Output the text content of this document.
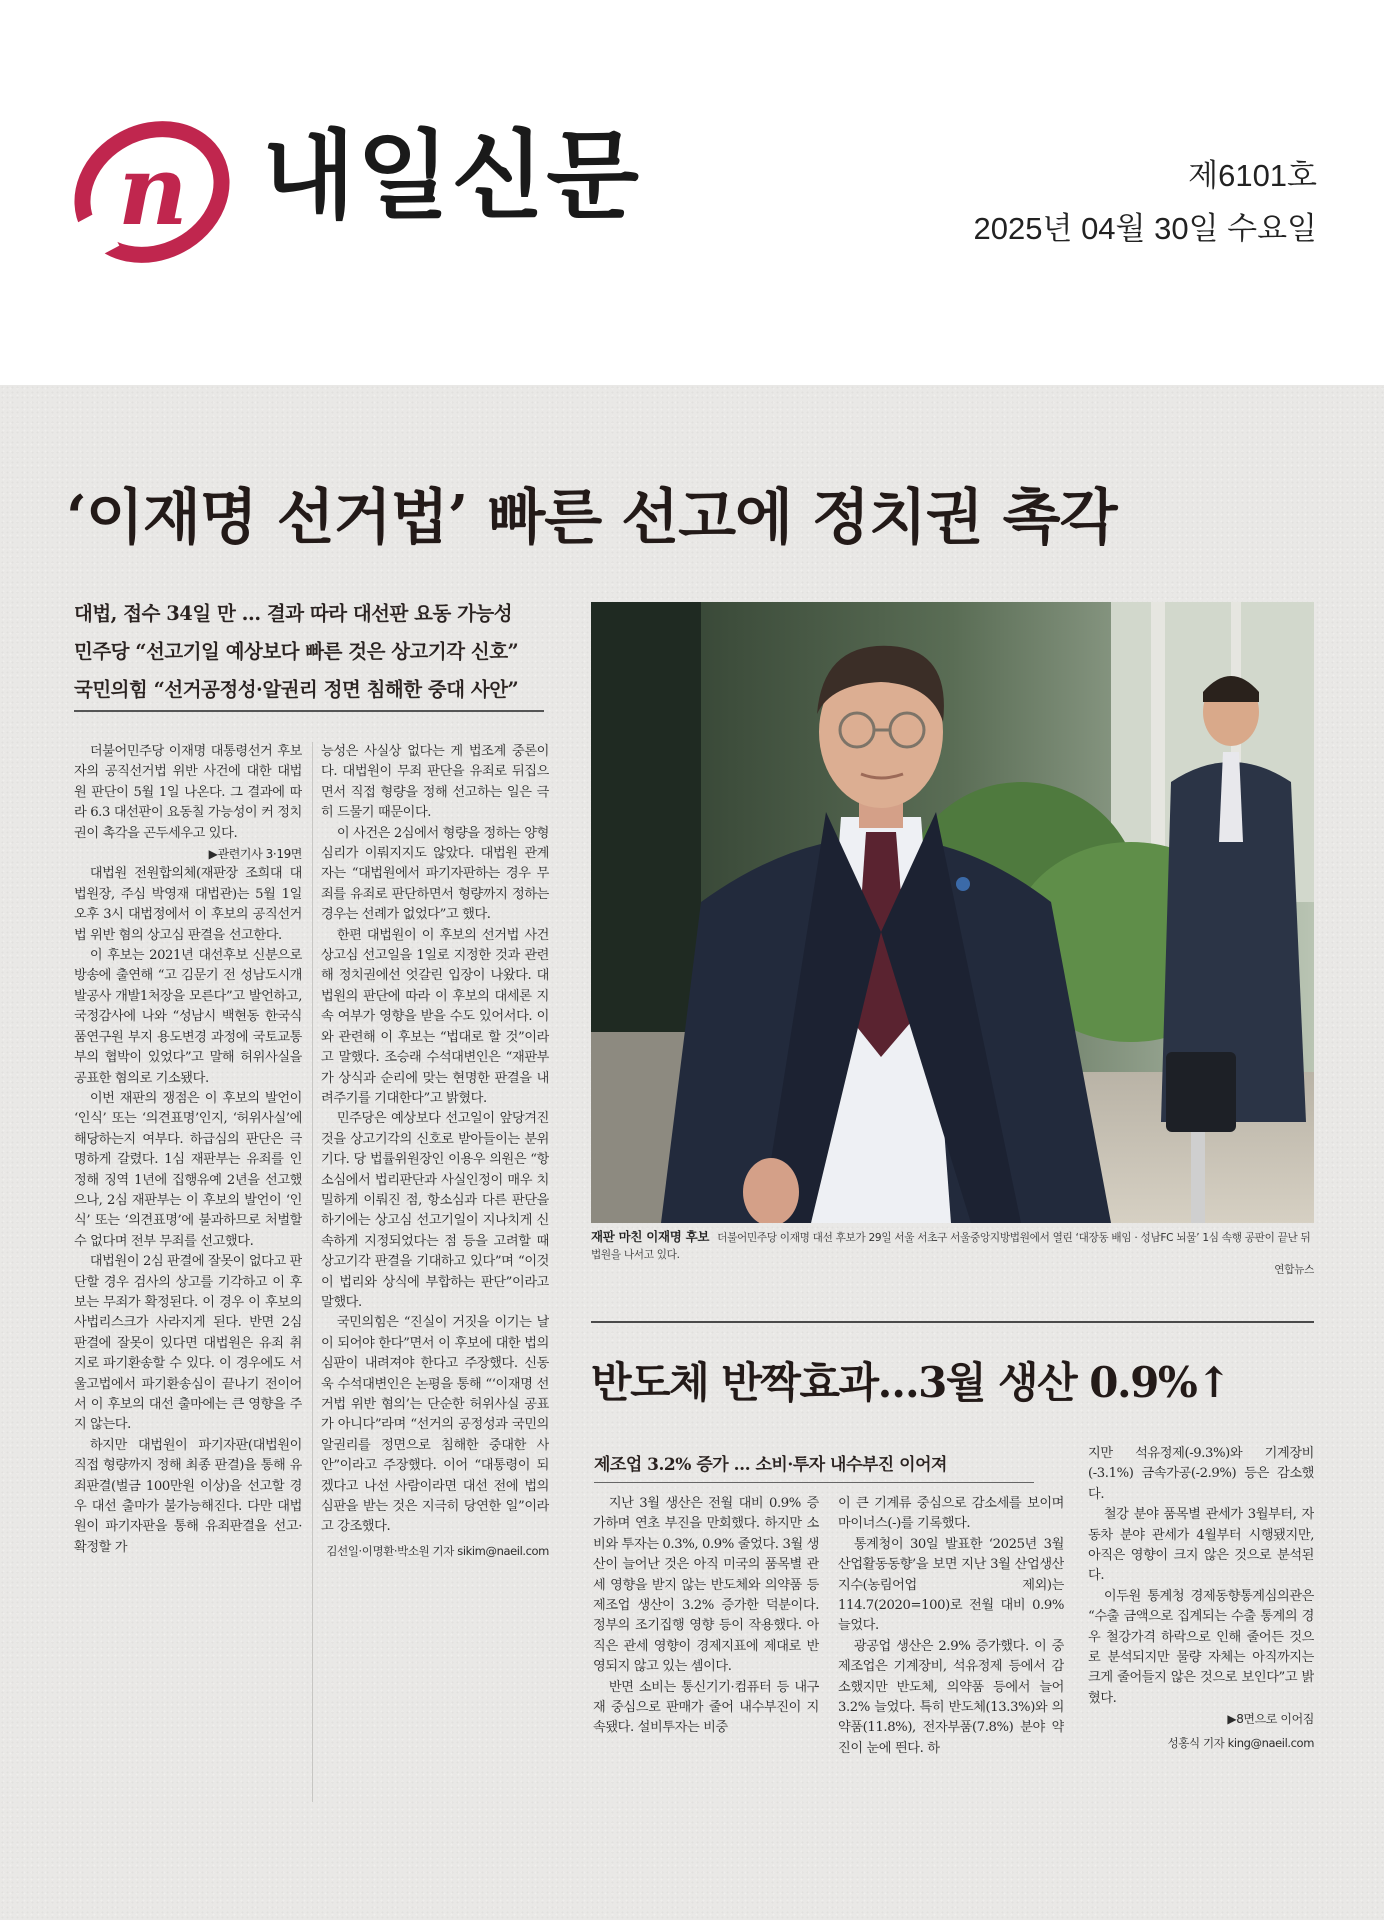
n 내일신문	제6101호
2025년 04월 30일 수요일
‘이재명 선거법’ 빠른 선고에 정치권 촉각
대법, 접수 34일 만 … 결과 따라 대선판 요동 가능성
민주당 “선고기일 예상보다 빠른 것은 상고기각 신호”
국민의힘 “선거공정성·알권리 정면 침해한 중대 사안”

더불어민주당 이재명 대통령선거 후보자의 공직선거법 위반 사건에 대한 대법원 판단이 5월 1일 나온다. 그 결과에 따라 6.3 대선판이 요동칠 가능성이 커 정치권이 촉각을 곤두세우고 있다.

▶관련기사 3·19면

대법원 전원합의체(재판장 조희대 대법원장, 주심 박영재 대법관)는 5월 1일 오후 3시 대법정에서 이 후보의 공직선거법 위반 혐의 상고심 판결을 선고한다.

이 후보는 2021년 대선후보 신분으로 방송에 출연해 “고 김문기 전 성남도시개발공사 개발1처장을 모른다”고 발언하고, 국정감사에 나와 “성남시 백현동 한국식품연구원 부지 용도변경 과정에 국토교통부의 협박이 있었다”고 말해 허위사실을 공표한 혐의로 기소됐다.

이번 재판의 쟁점은 이 후보의 발언이 ‘인식’ 또는 ‘의견표명’인지, ‘허위사실’에 해당하는지 여부다. 하급심의 판단은 극명하게 갈렸다. 1심 재판부는 유죄를 인정해 징역 1년에 집행유예 2년을 선고했으나, 2심 재판부는 이 후보의 발언이 ‘인식’ 또는 ‘의견표명’에 불과하므로 처벌할 수 없다며 전부 무죄를 선고했다.

대법원이 2심 판결에 잘못이 없다고 판단할 경우 검사의 상고를 기각하고 이 후보는 무죄가 확정된다. 이 경우 이 후보의 사법리스크가 사라지게 된다. 반면 2심 판결에 잘못이 있다면 대법원은 유죄 취지로 파기환송할 수 있다. 이 경우에도 서울고법에서 파기환송심이 끝나기 전이어서 이 후보의 대선 출마에는 큰 영향을 주지 않는다.

하지만 대법원이 파기자판(대법원이 직접 형량까지 정해 최종 판결)을 통해 유죄판결(벌금 100만원 이상)을 선고할 경우 대선 출마가 불가능해진다. 다만 대법원이 파기자판을 통해 유죄판결을 선고·확정할 가

능성은 사실상 없다는 게 법조계 중론이다. 대법원이 무죄 판단을 유죄로 뒤집으면서 직접 형량을 정해 선고하는 일은 극히 드물기 때문이다.

이 사건은 2심에서 형량을 정하는 양형 심리가 이뤄지지도 않았다. 대법원 관계자는 “대법원에서 파기자판하는 경우 무죄를 유죄로 판단하면서 형량까지 정하는 경우는 선례가 없었다”고 했다.

한편 대법원이 이 후보의 선거법 사건 상고심 선고일을 1일로 지정한 것과 관련해 정치권에선 엇갈린 입장이 나왔다. 대법원의 판단에 따라 이 후보의 대세론 지속 여부가 영향을 받을 수도 있어서다. 이와 관련해 이 후보는 “법대로 할 것”이라고 말했다. 조승래 수석대변인은 “재판부가 상식과 순리에 맞는 현명한 판결을 내려주기를 기대한다”고 밝혔다.

민주당은 예상보다 선고일이 앞당겨진 것을 상고기각의 신호로 받아들이는 분위기다. 당 법률위원장인 이용우 의원은 “항소심에서 법리판단과 사실인정이 매우 치밀하게 이뤄진 점, 항소심과 다른 판단을 하기에는 상고심 선고기일이 지나치게 신속하게 지정되었다는 점 등을 고려할 때 상고기각 판결을 기대하고 있다”며 “이것이 법리와 상식에 부합하는 판단”이라고 말했다.

국민의힘은 “진실이 거짓을 이기는 날이 되어야 한다”면서 이 후보에 대한 법의 심판이 내려져야 한다고 주장했다. 신동욱 수석대변인은 논평을 통해 “‘이재명 선거법 위반 혐의’는 단순한 허위사실 공표가 아니다”라며 “선거의 공정성과 국민의 알권리를 정면으로 침해한 중대한 사안”이라고 주장했다. 이어 “대통령이 되겠다고 나선 사람이라면 대선 전에 법의 심판을 받는 것은 지극히 당연한 일”이라고 강조했다.

김선일·이명환·박소원 기자 sikim@naeil.com
재판 마친 이재명 후보 더불어민주당 이재명 대선 후보가 29일 서울 서초구 서울중앙지방법원에서 열린 ‘대장동 배임 · 성남FC 뇌물’ 1심 속행 공판이 끝난 뒤 법원을 나서고 있다.
연합뉴스
반도체 반짝효과…3월 생산 0.9%↑
제조업 3.2% 증가 … 소비·투자 내수부진 이어져

지난 3월 생산은 전월 대비 0.9% 증가하며 연초 부진을 만회했다. 하지만 소비와 투자는 0.3%, 0.9% 줄었다. 3월 생산이 늘어난 것은 아직 미국의 품목별 관세 영향을 받지 않는 반도체와 의약품 등 제조업 생산이 3.2% 증가한 덕분이다. 정부의 조기집행 영향 등이 작용했다. 아직은 관세 영향이 경제지표에 제대로 반영되지 않고 있는 셈이다.

반면 소비는 통신기기·컴퓨터 등 내구재 중심으로 판매가 줄어 내수부진이 지속됐다. 설비투자는 비중

이 큰 기계류 중심으로 감소세를 보이며 마이너스(-)를 기록했다.

통계청이 30일 발표한 ‘2025년 3월 산업활동동향’을 보면 지난 3월 산업생산지수(농림어업 제외)는 114.7(2020=100)로 전월 대비 0.9% 늘었다.

광공업 생산은 2.9% 증가했다. 이 중 제조업은 기계장비, 석유정제 등에서 감소했지만 반도체, 의약품 등에서 늘어 3.2% 늘었다. 특히 반도체(13.3%)와 의약품(11.8%), 전자부품(7.8%) 분야 약진이 눈에 띈다. 하

지만 석유정제(-9.3%)와 기계장비(-3.1%) 금속가공(-2.9%) 등은 감소했다.

철강 분야 품목별 관세가 3월부터, 자동차 분야 관세가 4월부터 시행됐지만, 아직은 영향이 크지 않은 것으로 분석된다.

이두원 통계청 경제동향통계심의관은 “수출 금액으로 집계되는 수출 통계의 경우 철강가격 하락으로 인해 줄어든 것으로 분석되지만 물량 자체는 아직까지는 크게 줄어들지 않은 것으로 보인다”고 밝혔다.

▶8면으로 이어짐
성홍식 기자 king@naeil.com
